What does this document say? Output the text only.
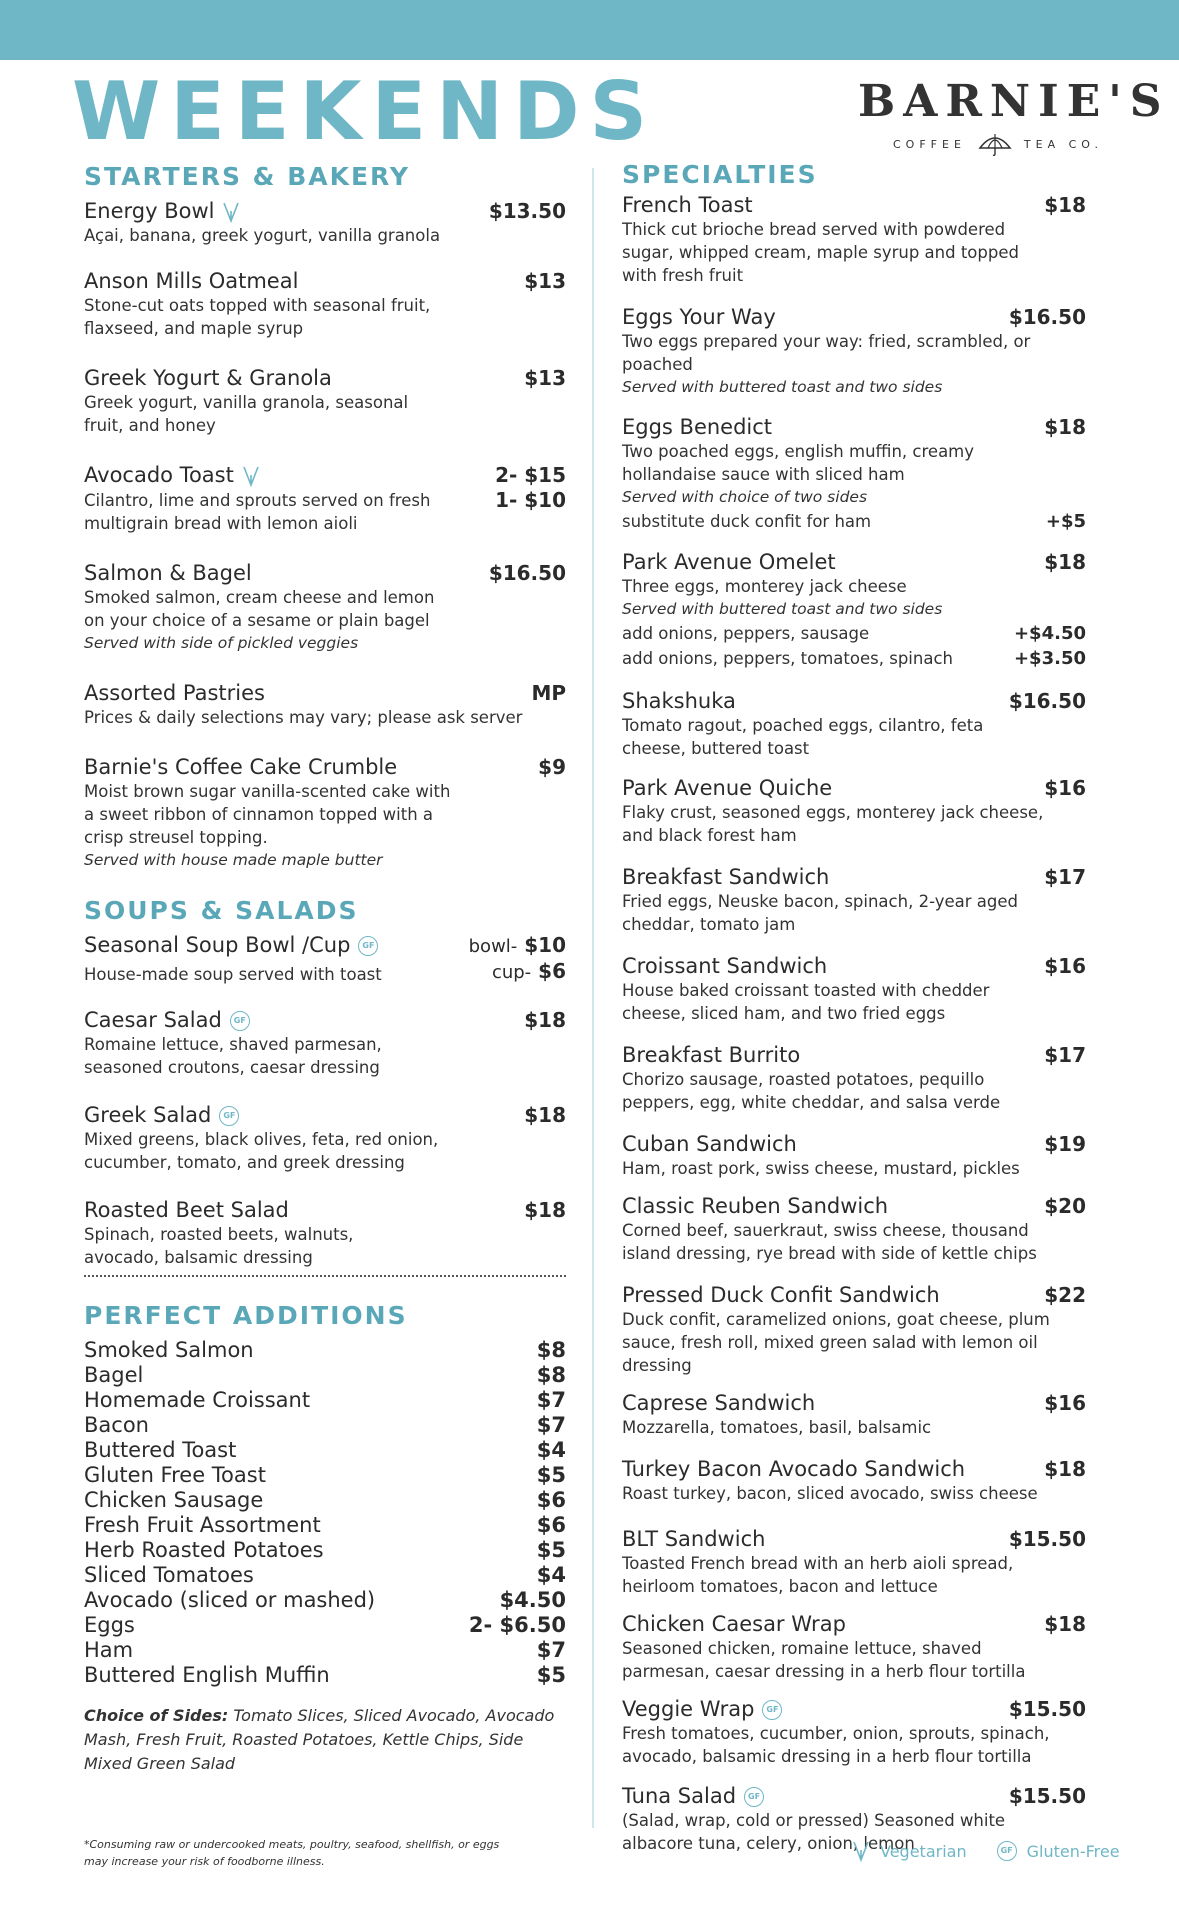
WEEKENDS	BARNIE'S
COFFEE	TEA CO.
STARTERS & BAKERY
Energy Bowl	$13.50
Açai, banana, greek yogurt, vanilla granola
Anson Mills Oatmeal	$13
Stone-cut oats topped with seasonal fruit, flaxseed, and maple syrup
Greek Yogurt & Granola	$13
Greek yogurt, vanilla granola, seasonal fruit, and honey
Avocado Toast	2- $15
1- $10
Cilantro, lime and sprouts served on fresh multigrain bread with lemon aioli
Salmon & Bagel	$16.50
Smoked salmon, cream cheese and lemon on your choice of a sesame or plain bagel
Served with side of pickled veggies
Assorted Pastries	MP
Prices & daily selections may vary; please ask server
Barnie's Coffee Cake Crumble	$9
Moist brown sugar vanilla-scented cake with a sweet ribbon of cinnamon topped with a crisp streusel topping.
Served with house made maple butter
SOUPS & SALADS
Seasonal Soup Bowl /Cup GF	bowl- $10
cup- $6
House-made soup served with toast
Caesar Salad GF	$18
Romaine lettuce, shaved parmesan, seasoned croutons, caesar dressing
Greek Salad GF	$18
Mixed greens, black olives, feta, red onion, cucumber, tomato, and greek dressing
Roasted Beet Salad	$18
Spinach, roasted beets, walnuts, avocado, balsamic dressing
PERFECT ADDITIONS
Smoked Salmon	$8
Bagel	$8
Homemade Croissant	$7
Bacon	$7
Buttered Toast	$4
Gluten Free Toast	$5
Chicken Sausage	$6
Fresh Fruit Assortment	$6
Herb Roasted Potatoes	$5
Sliced Tomatoes	$4
Avocado (sliced or mashed)	$4.50
Eggs	2- $6.50
Ham	$7
Buttered English Muffin	$5
Choice of Sides: Tomato Slices, Sliced Avocado, Avocado Mash, Fresh Fruit, Roasted Potatoes, Kettle Chips, Side Mixed Green Salad
*Consuming raw or undercooked meats, poultry, seafood, shellfish, or eggs may increase your risk of foodborne illness.
SPECIALTIES
French Toast	$18
Thick cut brioche bread served with powdered sugar, whipped cream, maple syrup and topped with fresh fruit
Eggs Your Way	$16.50
Two eggs prepared your way: fried, scrambled, or poached
Served with buttered toast and two sides
Eggs Benedict	$18
Two poached eggs, english muffin, creamy hollandaise sauce with sliced ham
Served with choice of two sides
substitute duck confit for ham	+$5
Park Avenue Omelet	$18
Three eggs, monterey jack cheese
Served with buttered toast and two sides
add onions, peppers, sausage	+$4.50
add onions, peppers, tomatoes, spinach	+$3.50
Shakshuka	$16.50
Tomato ragout, poached eggs, cilantro, feta cheese, buttered toast
Park Avenue Quiche	$16
Flaky crust, seasoned eggs, monterey jack cheese, and black forest ham
Breakfast Sandwich	$17
Fried eggs, Neuske bacon, spinach, 2-year aged cheddar, tomato jam
Croissant Sandwich	$16
House baked croissant toasted with chedder cheese, sliced ham, and two fried eggs
Breakfast Burrito	$17
Chorizo sausage, roasted potatoes, pequillo peppers, egg, white cheddar, and salsa verde
Cuban Sandwich	$19
Ham, roast pork, swiss cheese, mustard, pickles
Classic Reuben Sandwich	$20
Corned beef, sauerkraut, swiss cheese, thousand island dressing, rye bread with side of kettle chips
Pressed Duck Confit Sandwich	$22
Duck confit, caramelized onions, goat cheese, plum sauce, fresh roll, mixed green salad with lemon oil dressing
Caprese Sandwich	$16
Mozzarella, tomatoes, basil, balsamic
Turkey Bacon Avocado Sandwich	$18
Roast turkey, bacon, sliced avocado, swiss cheese
BLT Sandwich	$15.50
Toasted French bread with an herb aioli spread, heirloom tomatoes, bacon and lettuce
Chicken Caesar Wrap	$18
Seasoned chicken, romaine lettuce, shaved parmesan, caesar dressing in a herb flour tortilla
Veggie Wrap GF	$15.50
Fresh tomatoes, cucumber, onion, sprouts, spinach, avocado, balsamic dressing in a herb flour tortilla
Tuna Salad GF	$15.50
(Salad, wrap, cold or pressed) Seasoned white albacore tuna, celery, onion, lemon
Vegetarian	GF Gluten-Free
